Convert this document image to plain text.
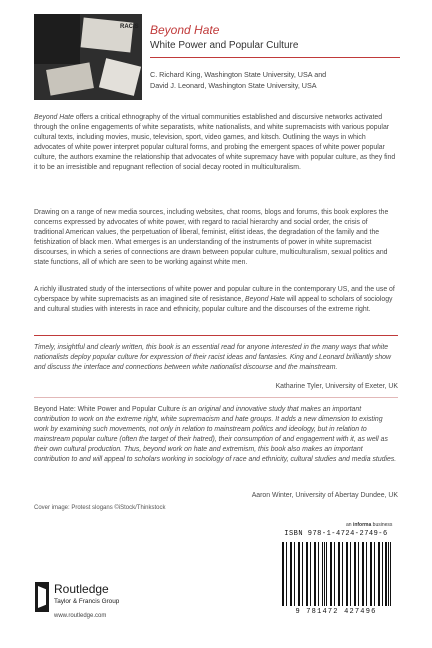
RACIS Beyond Hate
White Power and Popular Culture
C. Richard King, Washington State University, USA and
David J. Leonard, Washington State University, USA

Beyond Hate offers a critical ethnography of the virtual communities established and discursive networks activated through the online engagements of white separatists, white nationalists, and white supremacists with various popular cultural texts, including movies, music, television, sport, video games, and kitsch. Outlining the ways in which advocates of white power interpret popular cultural forms, and probing the emergent spaces of white power popular culture, the authors examine the relationship that advocates of white supremacy have with popular culture, as they find it to be an irresistible and repugnant reflection of social decay rooted in multiculturalism.

Drawing on a range of new media sources, including websites, chat rooms, blogs and forums, this book explores the concerns expressed by advocates of white power, with regard to racial hierarchy and social order, the crisis of traditional American values, the perpetuation of liberal, feminist, elitist ideas, the degradation of the family and the fetishization of black men. What emerges is an understanding of the instruments of power in white supremacist discourses, in which a series of connections are drawn between popular culture, multiculturalism, sexual politics and state functions, all of which are seen to be working against white men.

A richly illustrated study of the intersections of white power and popular culture in the contemporary US, and the use of cyberspace by white supremacists as an imagined site of resistance, Beyond Hate will appeal to scholars of sociology and cultural studies with interests in race and ethnicity, popular culture and the discourses of the extreme right.

Timely, insightful and clearly written, this book is an essential read for anyone interested in the many ways that white nationalists deploy popular culture for expression of their racist ideas and fantasies. King and Leonard brilliantly show and discuss the interface and connections between white nationalist discourse and the mainstream.

Katharine Tyler, University of Exeter, UK

Beyond Hate: White Power and Popular Culture is an original and innovative study that makes an important contribution to work on the extreme right, white supremacism and hate groups. It adds a new dimension to existing work by examining such movements, not only in relation to mainstream politics and ideology, but in relation to mainstream popular culture (often the target of their hatred), their consumption of and engagement with it, as well as their own cultural production. Thus, beyond work on hate and extremism, this book also makes an important contribution to and will appeal to scholars working in sociology of race and ethnicity, cultural studies and media studies.

Aaron Winter, University of Abertay Dundee, UK
Cover image: Protest slogans ©iStock/Thinkstock
an informa business
ISBN 978-1-4724-2749-6
9 781472 427496
Routledge
Taylor & Francis Group
www.routledge.com
